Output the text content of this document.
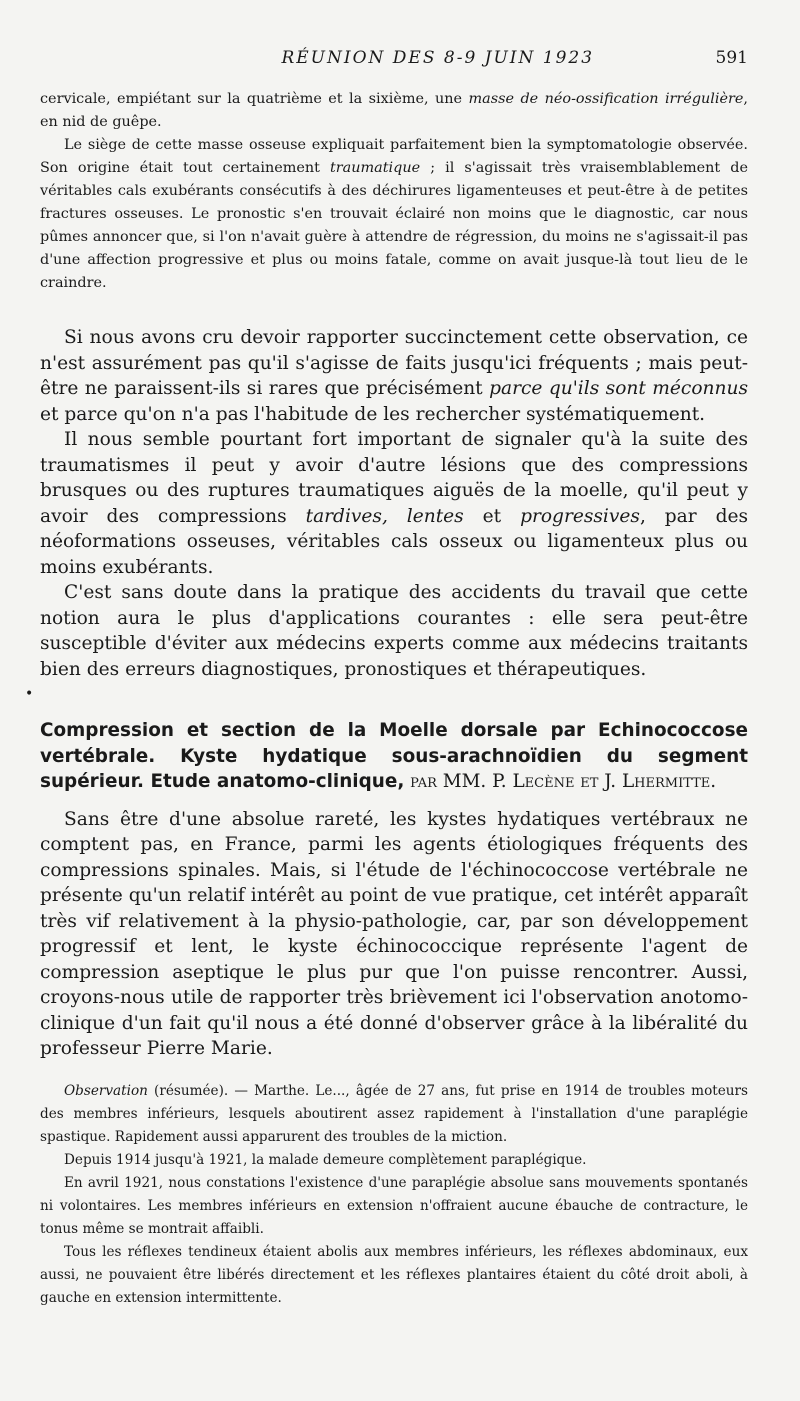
RÉUNION DES 8-9 JUIN 1923	591

cervicale, empiétant sur la quatrième et la sixième, une masse de néo-ossification irrégulière, en nid de guêpe.

Le siège de cette masse osseuse expliquait parfaitement bien la symptomatologie observée. Son origine était tout certainement traumatique ; il s'agissait très vraisemblablement de véritables cals exubérants consécutifs à des déchirures ligamenteuses et peut-être à de petites fractures osseuses. Le pronostic s'en trouvait éclairé non moins que le diagnostic, car nous pûmes annoncer que, si l'on n'avait guère à attendre de régression, du moins ne s'agissait-il pas d'une affection progressive et plus ou moins fatale, comme on avait jusque-là tout lieu de le craindre.

Si nous avons cru devoir rapporter succinctement cette observation, ce n'est assurément pas qu'il s'agisse de faits jusqu'ici fréquents ; mais peut-être ne paraissent-ils si rares que précisément parce qu'ils sont méconnus et parce qu'on n'a pas l'habitude de les rechercher systématiquement.

Il nous semble pourtant fort important de signaler qu'à la suite des traumatismes il peut y avoir d'autre lésions que des compressions brusques ou des ruptures traumatiques aiguës de la moelle, qu'il peut y avoir des compressions tardives, lentes et progressives, par des néoformations osseuses, véritables cals osseux ou ligamenteux plus ou moins exubérants.

C'est sans doute dans la pratique des accidents du travail que cette notion aura le plus d'applications courantes : elle sera peut-être susceptible d'éviter aux médecins experts comme aux médecins traitants bien des erreurs diagnostiques, pronostiques et thérapeutiques.

Compression et section de la Moelle dorsale par Echinococcose vertébrale. Kyste hydatique sous-arachnoïdien du segment supérieur. Etude anatomo-clinique, par MM. P. Lecène et J. Lhermitte.

Sans être d'une absolue rareté, les kystes hydatiques vertébraux ne comptent pas, en France, parmi les agents étiologiques fréquents des compressions spinales. Mais, si l'étude de l'échinococcose vertébrale ne présente qu'un relatif intérêt au point de vue pratique, cet intérêt apparaît très vif relativement à la physio-pathologie, car, par son développement progressif et lent, le kyste échinococcique représente l'agent de compression aseptique le plus pur que l'on puisse rencontrer. Aussi, croyons-nous utile de rapporter très brièvement ici l'observation anotomo-clinique d'un fait qu'il nous a été donné d'observer grâce à la libéralité du professeur Pierre Marie.

Observation (résumée). — Marthe. Le..., âgée de 27 ans, fut prise en 1914 de troubles moteurs des membres inférieurs, lesquels aboutirent assez rapidement à l'installation d'une paraplégie spastique. Rapidement aussi apparurent des troubles de la miction.

Depuis 1914 jusqu'à 1921, la malade demeure complètement paraplégique.

En avril 1921, nous constations l'existence d'une paraplégie absolue sans mouvements spontanés ni volontaires. Les membres inférieurs en extension n'offraient aucune ébauche de contracture, le tonus même se montrait affaibli.

Tous les réflexes tendineux étaient abolis aux membres inférieurs, les réflexes abdominaux, eux aussi, ne pouvaient être libérés directement et les réflexes plantaires étaient du côté droit aboli, à gauche en extension intermittente.

•
